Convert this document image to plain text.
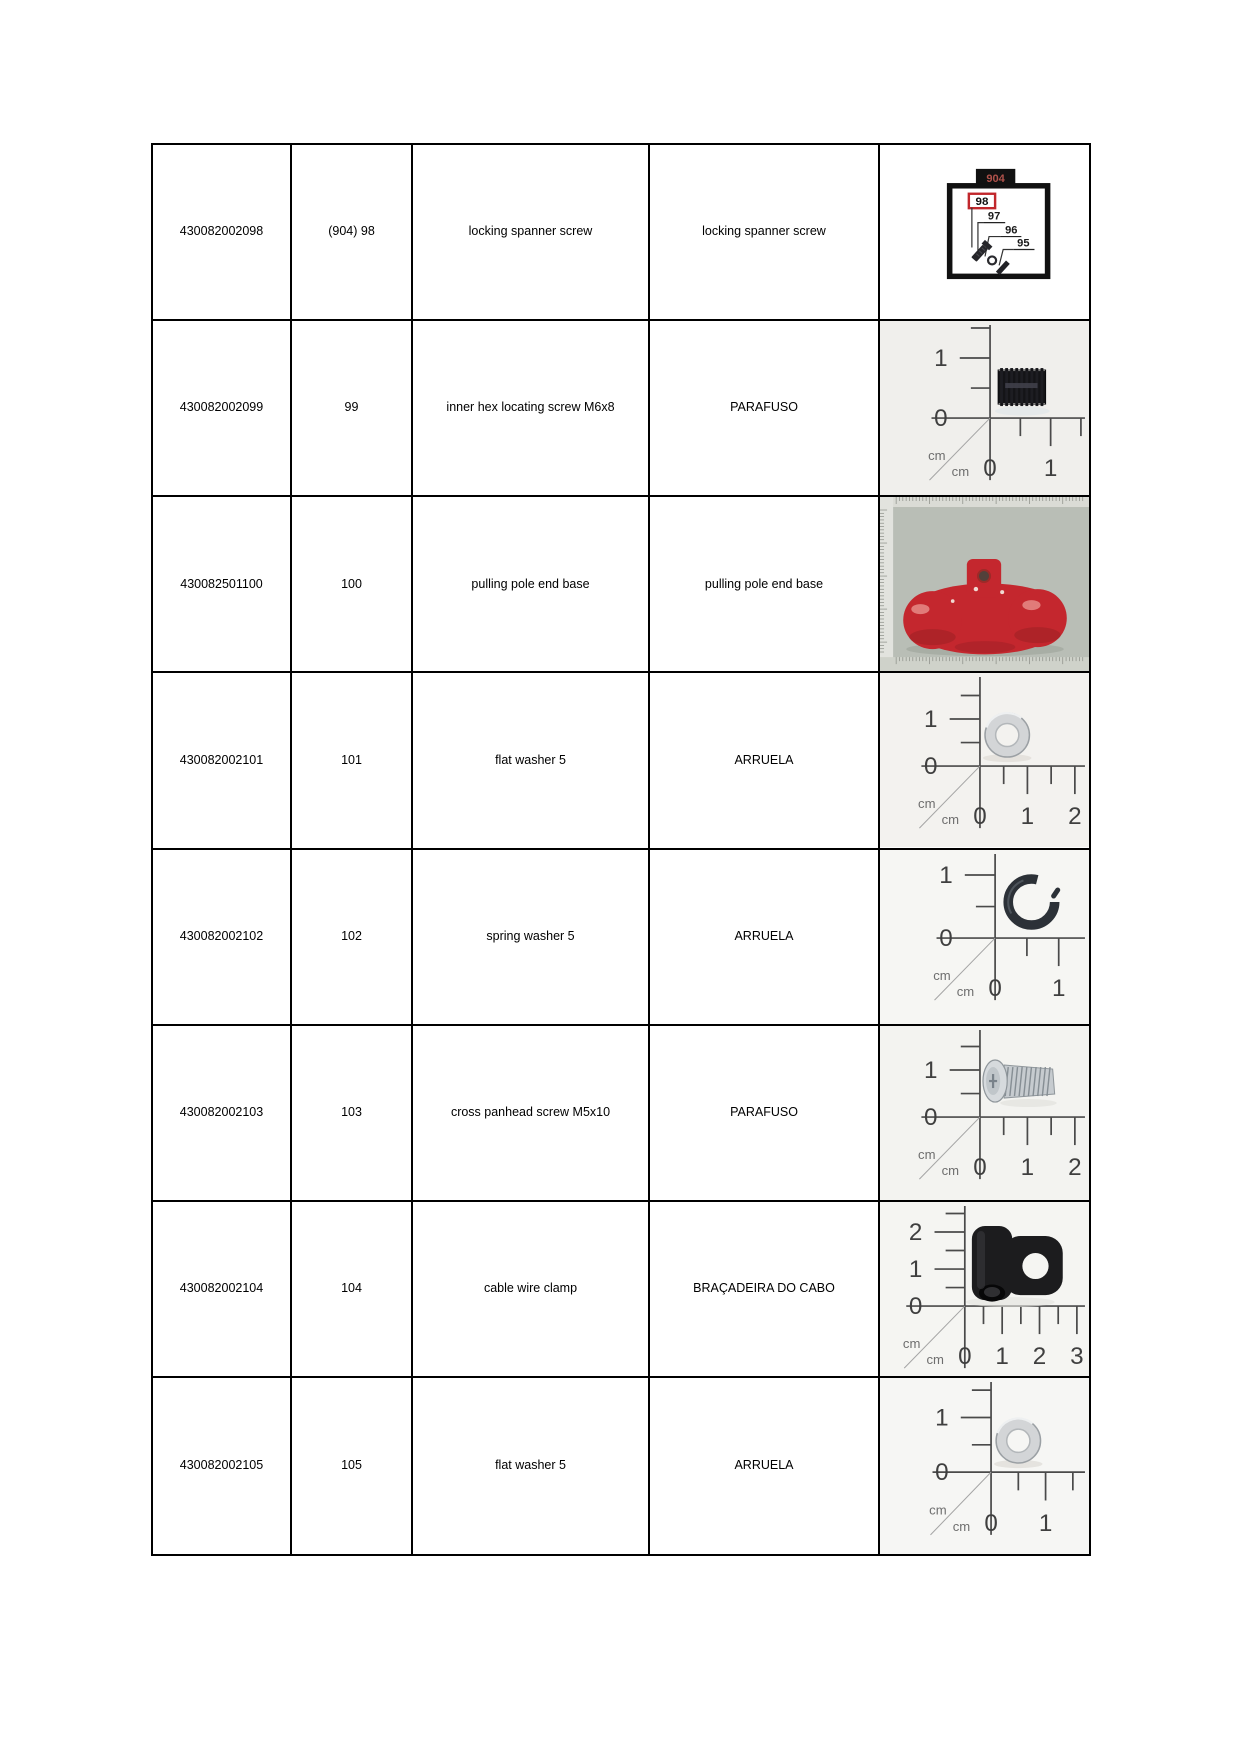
430082002098	(904) 98	locking spanner screw	locking spanner screw
904
98
97
96
95
430082002099	99	inner hex locating screw M6x8	PARAFUSO
1
0
0 1
cm
cm
430082501100	100	pulling pole end base	pulling pole end base
430082002101	101	flat washer 5	ARRUELA
1
0
0 1 2
cm
cm
430082002102	102	spring washer 5	ARRUELA
1
0
0 1
cm
cm
430082002103	103	cross panhead screw M5x10	PARAFUSO
1
0
0 1 2
cm
cm
430082002104	104	cable wire clamp	BRAÇADEIRA DO CABO
2
1
0
0 1 2 3
cm
cm
430082002105	105	flat washer 5	ARRUELA
1
0
0 1
cm
cm
